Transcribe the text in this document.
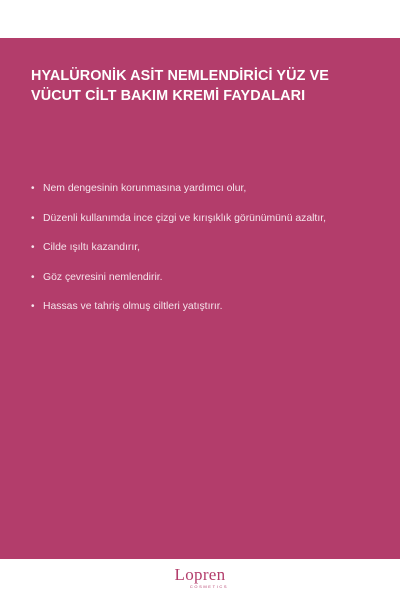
HYALÜRONİK ASİT NEMLENDİRİCİ YÜZ VE
VÜCUT CİLT BAKIM KREMİ FAYDALARI
• Nem dengesinin korunmasına yardımcı olur,
• Düzenli kullanımda ince çizgi ve kırışıklık görünümünü azaltır,
• Cilde ışıltı kazandırır,
• Göz çevresini nemlendirir.
• Hassas ve tahriş olmuş ciltleri yatıştırır.
Lopren
COSMETICS
